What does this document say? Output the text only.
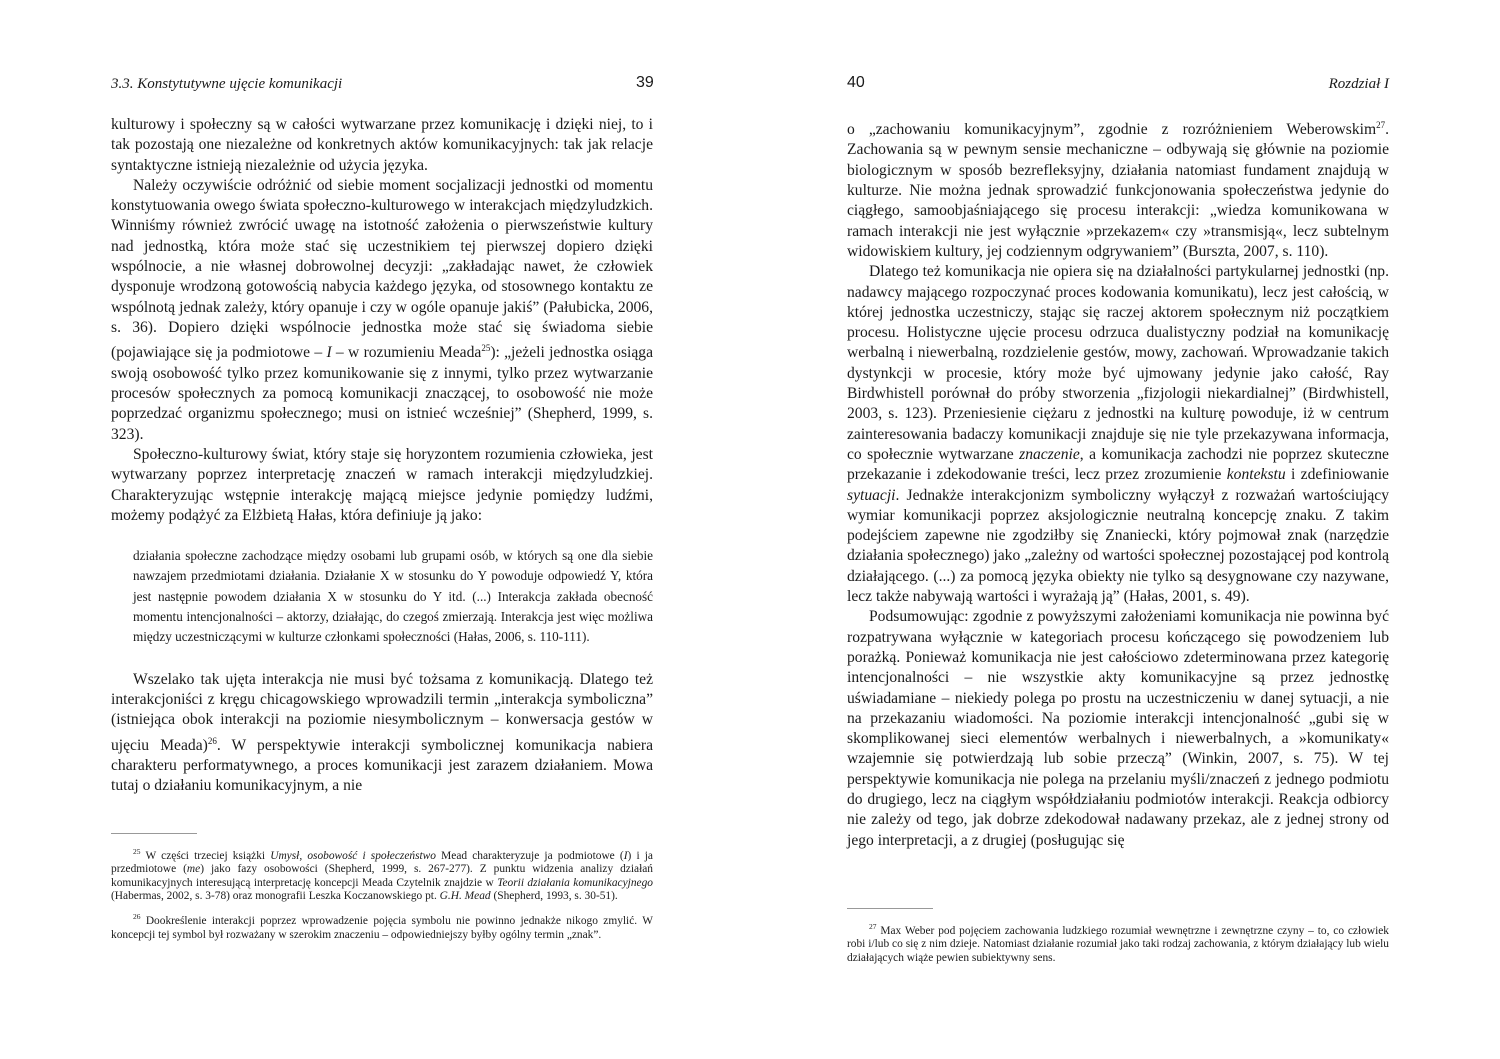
3.3. Konstytutywne ujęcie komunikacji	39

kulturowy i społeczny są w całości wytwarzane przez komunikację i dzięki niej, to i tak pozostają one niezależne od konkretnych aktów komunikacyjnych: tak jak relacje syntaktyczne istnieją niezależnie od użycia języka.

Należy oczywiście odróżnić od siebie moment socjalizacji jednostki od momentu konstytuowania owego świata społeczno-kulturowego w interakcjach międzyludzkich. Winniśmy również zwrócić uwagę na istotność założenia o pierwszeństwie kultury nad jednostką, która może stać się uczestnikiem tej pierwszej dopiero dzięki wspólnocie, a nie własnej dobrowolnej decyzji: „zakładając nawet, że człowiek dysponuje wrodzoną gotowością nabycia każdego języka, od stosownego kontaktu ze wspólnotą jednak zależy, który opanuje i czy w ogóle opanuje jakiś” (Pałubicka, 2006, s. 36). Dopiero dzięki wspólnocie jednostka może stać się świadoma siebie (pojawiające się ja podmiotowe – I – w rozumieniu Meada$^{25}$): „jeżeli jednostka osiąga swoją osobowość tylko przez komunikowanie się z innymi, tylko przez wytwarzanie procesów społecznych za pomocą komunikacji znaczącej, to osobowość nie może poprzedzać organizmu społecznego; musi on istnieć wcześniej” (Shepherd, 1999, s. 323).

Społeczno-kulturowy świat, który staje się horyzontem rozumienia człowieka, jest wytwarzany poprzez interpretację znaczeń w ramach interakcji międzyludzkiej. Charakteryzując wstępnie interakcję mającą miejsce jedynie pomiędzy ludźmi, możemy podążyć za Elżbietą Hałas, która definiuje ją jako:

działania społeczne zachodzące między osobami lub grupami osób, w których są one dla siebie nawzajem przedmiotami działania. Działanie X w stosunku do Y powoduje odpowiedź Y, która jest następnie powodem działania X w stosunku do Y itd. (...) Interakcja zakłada obecność momentu intencjonalności – aktorzy, działając, do czegoś zmierzają. Interakcja jest więc możliwa między uczestniczącymi w kulturze członkami społeczności (Hałas, 2006, s. 110-111).

Wszelako tak ujęta interakcja nie musi być tożsama z komunikacją. Dlatego też interakcjoniści z kręgu chicagowskiego wprowadzili termin „interakcja symboliczna” (istniejąca obok interakcji na poziomie niesymbolicznym – konwersacja gestów w ujęciu Meada)$^{26}$. W perspektywie interakcji symbolicznej komunikacja nabiera charakteru performatywnego, a proces komunikacji jest zarazem działaniem. Mowa tutaj o działaniu komunikacyjnym, a nie

$^{25}$ W części trzeciej książki Umysł, osobowość i społeczeństwo Mead charakteryzuje ja podmiotowe (I) i ja przedmiotowe (me) jako fazy osobowości (Shepherd, 1999, s. 267-277). Z punktu widzenia analizy działań komunikacyjnych interesującą interpretację koncepcji Meada Czytelnik znajdzie w Teorii działania komunikacyjnego (Habermas, 2002, s. 3-78) oraz monografii Leszka Koczanowskiego pt. G.H. Mead (Shepherd, 1993, s. 30-51).

$^{26}$ Dookreślenie interakcji poprzez wprowadzenie pojęcia symbolu nie powinno jednakże nikogo zmylić. W koncepcji tej symbol był rozważany w szerokim znaczeniu – odpowiedniejszy byłby ogólny termin „znak”.

40	Rozdział I

o „zachowaniu komunikacyjnym”, zgodnie z rozróżnieniem Weberowskim$^{27}$. Zachowania są w pewnym sensie mechaniczne – odbywają się głównie na poziomie biologicznym w sposób bezrefleksyjny, działania natomiast fundament znajdują w kulturze. Nie można jednak sprowadzić funkcjonowania społeczeństwa jedynie do ciągłego, samoobjaśniającego się procesu interakcji: „wiedza komunikowana w ramach interakcji nie jest wyłącznie »przekazem« czy »transmisją«, lecz subtelnym widowiskiem kultury, jej codziennym odgrywaniem” (Burszta, 2007, s. 110).

Dlatego też komunikacja nie opiera się na działalności partykularnej jednostki (np. nadawcy mającego rozpoczynać proces kodowania komunikatu), lecz jest całością, w której jednostka uczestniczy, stając się raczej aktorem społecznym niż początkiem procesu. Holistyczne ujęcie procesu odrzuca dualistyczny podział na komunikację werbalną i niewerbalną, rozdzielenie gestów, mowy, zachowań. Wprowadzanie takich dystynkcji w procesie, który może być ujmowany jedynie jako całość, Ray Birdwhistell porównał do próby stworzenia „fizjologii niekardialnej” (Birdwhistell, 2003, s. 123). Przeniesienie ciężaru z jednostki na kulturę powoduje, iż w centrum zainteresowania badaczy komunikacji znajduje się nie tyle przekazywana informacja, co społecznie wytwarzane znaczenie, a komunikacja zachodzi nie poprzez skuteczne przekazanie i zdekodowanie treści, lecz przez zrozumienie kontekstu i zdefiniowanie sytuacji. Jednakże interakcjonizm symboliczny wyłączył z rozważań wartościujący wymiar komunikacji poprzez aksjologicznie neutralną koncepcję znaku. Z takim podejściem zapewne nie zgodziłby się Znaniecki, który pojmował znak (narzędzie działania społecznego) jako „zależny od wartości społecznej pozostającej pod kontrolą działającego. (...) za pomocą języka obiekty nie tylko są desygnowane czy nazywane, lecz także nabywają wartości i wyrażają ją” (Hałas, 2001, s. 49).

Podsumowując: zgodnie z powyższymi założeniami komunikacja nie powinna być rozpatrywana wyłącznie w kategoriach procesu kończącego się powodzeniem lub porażką. Ponieważ komunikacja nie jest całościowo zdeterminowana przez kategorię intencjonalności – nie wszystkie akty komunikacyjne są przez jednostkę uświadamiane – niekiedy polega po prostu na uczestniczeniu w danej sytuacji, a nie na przekazaniu wiadomości. Na poziomie interakcji intencjonalność „gubi się w skomplikowanej sieci elementów werbalnych i niewerbalnych, a »komunikaty« wzajemnie się potwierdzają lub sobie przeczą” (Winkin, 2007, s. 75). W tej perspektywie komunikacja nie polega na przelaniu myśli/znaczeń z jednego podmiotu do drugiego, lecz na ciągłym współdziałaniu podmiotów interakcji. Reakcja odbiorcy nie zależy od tego, jak dobrze zdekodował nadawany przekaz, ale z jednej strony od jego interpretacji, a z drugiej (posługując się

$^{27}$ Max Weber pod pojęciem zachowania ludzkiego rozumiał wewnętrzne i zewnętrzne czyny – to, co człowiek robi i/lub co się z nim dzieje. Natomiast działanie rozumiał jako taki rodzaj zachowania, z którym działający lub wielu działających wiąże pewien subiektywny sens.
